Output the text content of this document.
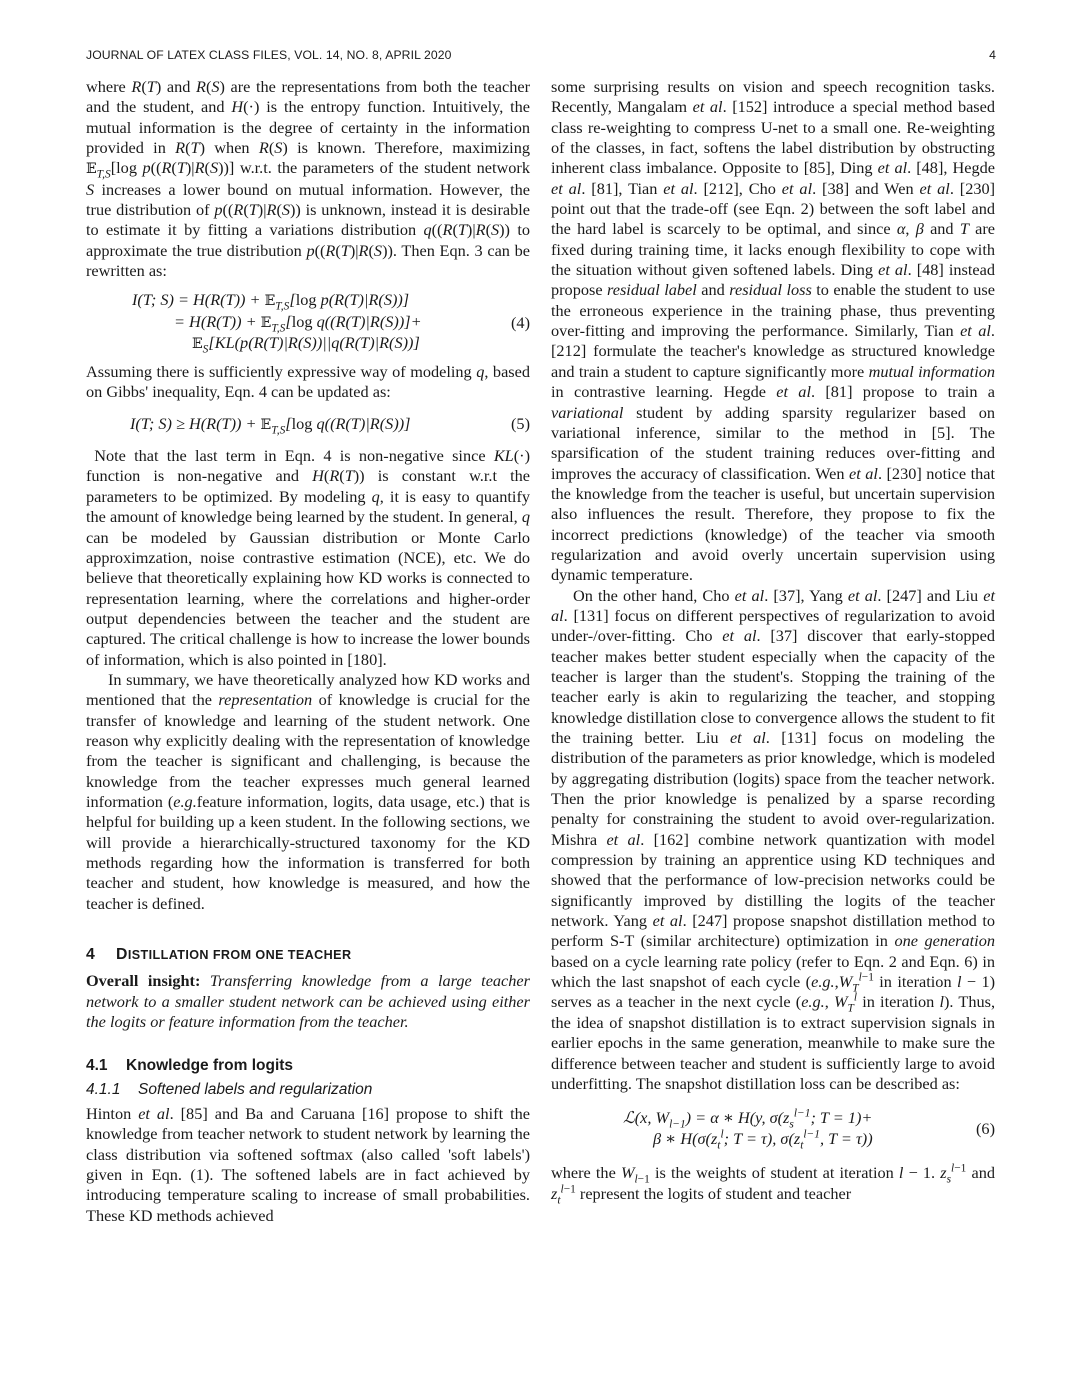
JOURNAL OF LATEX CLASS FILES, VOL. 14, NO. 8, APRIL 2020	4

where R(T) and R(S) are the representations from both the teacher and the student, and H(·) is the entropy function. Intuitively, the mutual information is the degree of certainty in the information provided in R(T) when R(S) is known. Therefore, maximizing 𝔼$_{T,S}$[log p((R(T)|R(S))] w.r.t. the parameters of the student network S increases a lower bound on mutual information. However, the true distribution of p((R(T)|R(S)) is unknown, instead it is desirable to estimate it by fitting a variations distribution q((R(T)|R(S)) to approximate the true distribution p((R(T)|R(S)). Then Eqn. 3 can be rewritten as:

I(T; S) = H(R(T)) + 𝔼$_{T,S}$[log p(R(T)|R(S))]
= H(R(T)) + 𝔼$_{T,S}$[log q((R(T)|R(S))]+
𝔼$_S$[KL(p(R(T)|R(S))||q(R(T)|R(S))]
(4)

Assuming there is sufficiently expressive way of modeling q, based on Gibbs' inequality, Eqn. 4 can be updated as:

I(T; S) ≥ H(R(T)) + 𝔼$_{T,S}$[log q((R(T)|R(S))]	(5)

Note that the last term in Eqn. 4 is non-negative since KL(·) function is non-negative and H(R(T)) is constant w.r.t the parameters to be optimized. By modeling q, it is easy to quantify the amount of knowledge being learned by the student. In general, q can be modeled by Gaussian distribution or Monte Carlo approximzation, noise contrastive estimation (NCE), etc. We do believe that theoretically explaining how KD works is connected to representation learning, where the correlations and higher-order output dependencies between the teacher and the student are captured. The critical challenge is how to increase the lower bounds of information, which is also pointed in [180].

In summary, we have theoretically analyzed how KD works and mentioned that the representation of knowledge is crucial for the transfer of knowledge and learning of the student network. One reason why explicitly dealing with the representation of knowledge from the teacher is significant and challenging, is because the knowledge from the teacher expresses much general learned information (e.g.feature information, logits, data usage, etc.) that is helpful for building up a keen student. In the following sections, we will provide a hierarchically-structured taxonomy for the KD methods regarding how the information is transferred for both teacher and student, how knowledge is measured, and how the teacher is defined.

4 DISTILLATION FROM ONE TEACHER

Overall insight: Transferring knowledge from a large teacher network to a smaller student network can be achieved using either the logits or feature information from the teacher.

4.1 Knowledge from logits
4.1.1 Softened labels and regularization

Hinton et al. [85] and Ba and Caruana [16] propose to shift the knowledge from teacher network to student network by learning the class distribution via softened softmax (also called 'soft labels') given in Eqn. (1). The softened labels are in fact achieved by introducing temperature scaling to increase of small probabilities. These KD methods achieved

some surprising results on vision and speech recognition tasks. Recently, Mangalam et al. [152] introduce a special method based class re-weighting to compress U-net to a small one. Re-weighting of the classes, in fact, softens the label distribution by obstructing inherent class imbalance. Opposite to [85], Ding et al. [48], Hegde et al. [81], Tian et al. [212], Cho et al. [38] and Wen et al. [230] point out that the trade-off (see Eqn. 2) between the soft label and the hard label is scarcely to be optimal, and since α, β and T are fixed during training time, it lacks enough flexibility to cope with the situation without given softened labels. Ding et al. [48] instead propose residual label and residual loss to enable the student to use the erroneous experience in the training phase, thus preventing over-fitting and improving the performance. Similarly, Tian et al. [212] formulate the teacher's knowledge as structured knowledge and train a student to capture significantly more mutual information in contrastive learning. Hegde et al. [81] propose to train a variational student by adding sparsity regularizer based on variational inference, similar to the method in [5]. The sparsification of the student training reduces over-fitting and improves the accuracy of classification. Wen et al. [230] notice that the knowledge from the teacher is useful, but uncertain supervision also influences the result. Therefore, they propose to fix the incorrect predictions (knowledge) of the teacher via smooth regularization and avoid overly uncertain supervision using dynamic temperature.

On the other hand, Cho et al. [37], Yang et al. [247] and Liu et al. [131] focus on different perspectives of regularization to avoid under-/over-fitting. Cho et al. [37] discover that early-stopped teacher makes better student especially when the capacity of the teacher is larger than the student's. Stopping the training of the teacher early is akin to regularizing the teacher, and stopping knowledge distillation close to convergence allows the student to fit the training better. Liu et al. [131] focus on modeling the distribution of the parameters as prior knowledge, which is modeled by aggregating distribution (logits) space from the teacher network. Then the prior knowledge is penalized by a sparse recording penalty for constraining the student to avoid over-regularization. Mishra et al. [162] combine network quantization with model compression by training an apprentice using KD techniques and showed that the performance of low-precision networks could be significantly improved by distilling the logits of the teacher network. Yang et al. [247] propose snapshot distillation method to perform S-T (similar architecture) optimization in one generation based on a cycle learning rate policy (refer to Eqn. 2 and Eqn. 6) in which the last snapshot of each cycle ($e.g.,W_T^{l-1}$ in iteration l − 1) serves as a teacher in the next cycle (e.g., $W_T^l$ in iteration l). Thus, the idea of snapshot distillation is to extract supervision signals in earlier epochs in the same generation, meanwhile to make sure the difference between teacher and student is sufficiently large to avoid underfitting. The snapshot distillation loss can be described as:

ℒ(x, $W_{l-1}) = \alpha$ ∗ H(y, $\sigma(z_s^{l-1}$; T = 1)+
β ∗ $H(\sigma(z_t^l$; T = τ), $\sigma(z_t^{l-1}$, T = τ))
(6)

where the $W_{l-1}$ is the weights of student at iteration l − 1. $z_s^{l-1}$ and $z_t^{l-1}$ represent the logits of student and teacher
